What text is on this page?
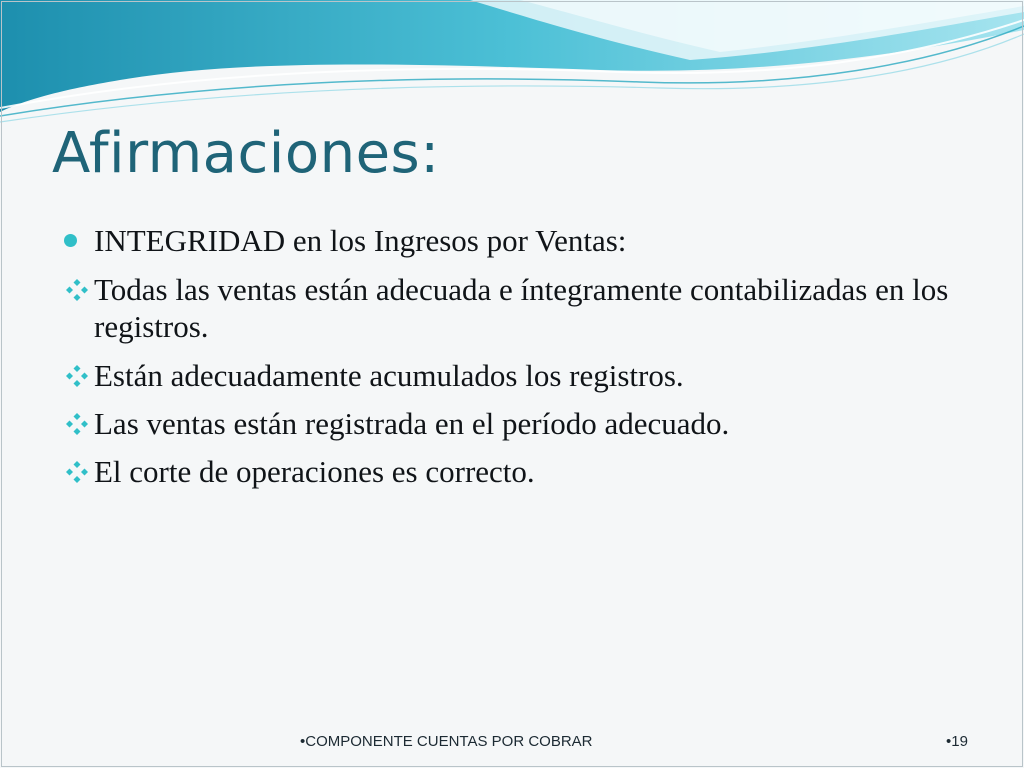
Afirmaciones:
INTEGRIDAD en los Ingresos por Ventas:
Todas las ventas están adecuada e íntegramente contabilizadas en los registros.
Están adecuadamente acumulados los registros.
Las ventas están registrada en el período adecuado.
El corte de operaciones es correcto.
•COMPONENTE CUENTAS POR COBRAR	•19
